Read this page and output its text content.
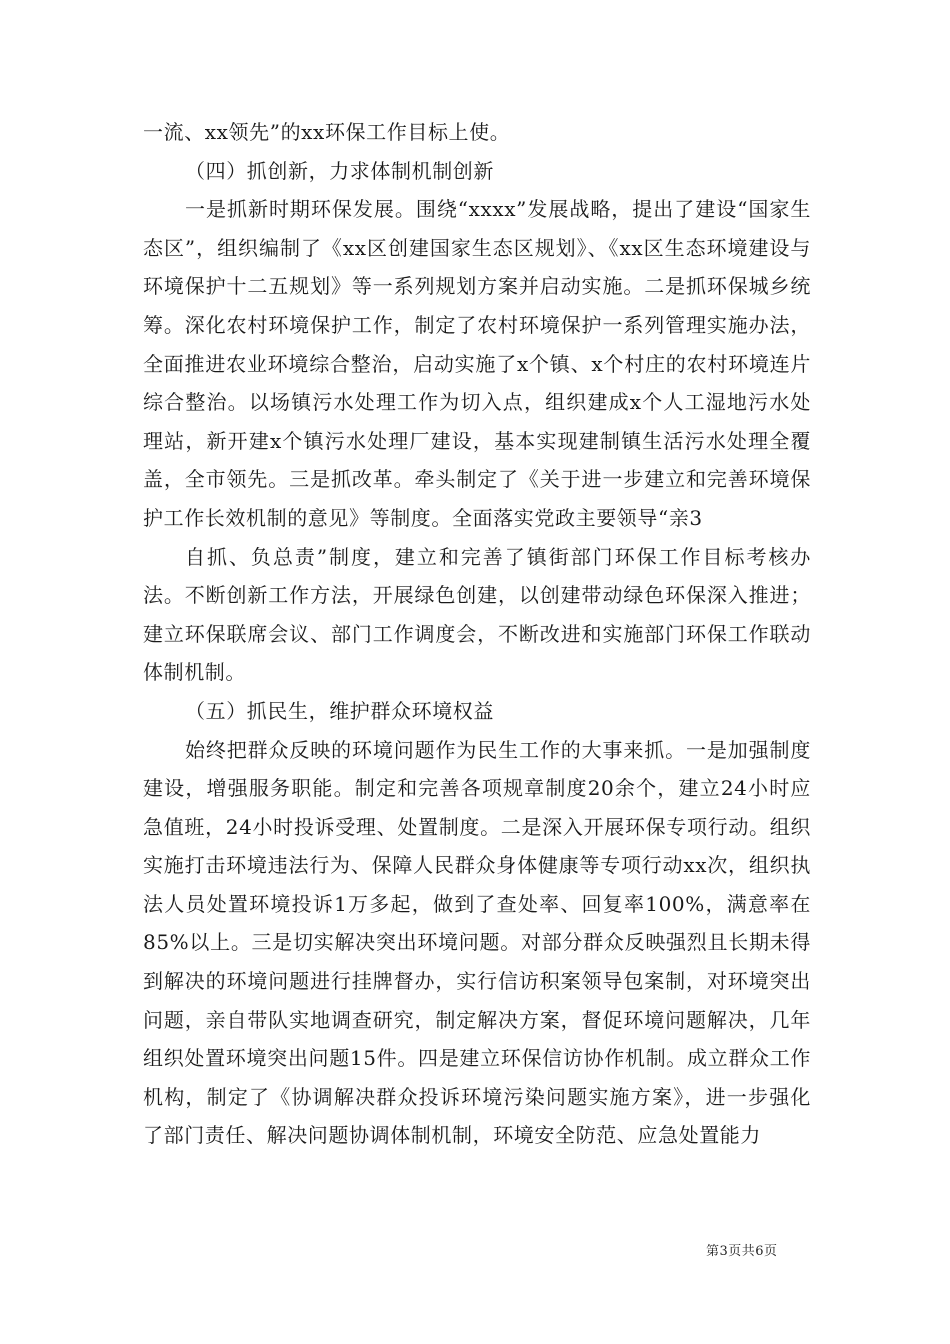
一流、xx领先”的xx环保工作目标上使。

（四）抓创新，力求体制机制创新

一是抓新时期环保发展。围绕“xxxx”发展战略，提出了建设“国家生态区”，组织编制了《xx区创建国家生态区规划》、《xx区生态环境建设与环境保护十二五规划》等一系列规划方案并启动实施。二是抓环保城乡统筹。深化农村环境保护工作，制定了农村环境保护一系列管理实施办法，全面推进农业环境综合整治，启动实施了x个镇、x个村庄的农村环境连片综合整治。以场镇污水处理工作为切入点，组织建成x个人工湿地污水处理站，新开建x个镇污水处理厂建设，基本实现建制镇生活污水处理全覆盖，全市领先。三是抓改革。牵头制定了《关于进一步建立和完善环境保护工作长效机制的意见》等制度。全面落实党政主要领导“亲3

自抓、负总责”制度，建立和完善了镇街部门环保工作目标考核办法。不断创新工作方法，开展绿色创建，以创建带动绿色环保深入推进；建立环保联席会议、部门工作调度会，不断改进和实施部门环保工作联动体制机制。

（五）抓民生，维护群众环境权益

始终把群众反映的环境问题作为民生工作的大事来抓。一是加强制度建设，增强服务职能。制定和完善各项规章制度20余个，建立24小时应急值班，24小时投诉受理、处置制度。二是深入开展环保专项行动。组织实施打击环境违法行为、保障人民群众身体健康等专项行动xx次，组织执法人员处置环境投诉1万多起，做到了查处率、回复率100%，满意率在85%以上。三是切实解决突出环境问题。对部分群众反映强烈且长期未得到解决的环境问题进行挂牌督办，实行信访积案领导包案制，对环境突出问题，亲自带队实地调查研究，制定解决方案，督促环境问题解决，几年组织处置环境突出问题15件。四是建立环保信访协作机制。成立群众工作机构，制定了《协调解决群众投诉环境污染问题实施方案》，进一步强化了部门责任、解决问题协调体制机制，环境安全防范、应急处置能力

第3页共6页
